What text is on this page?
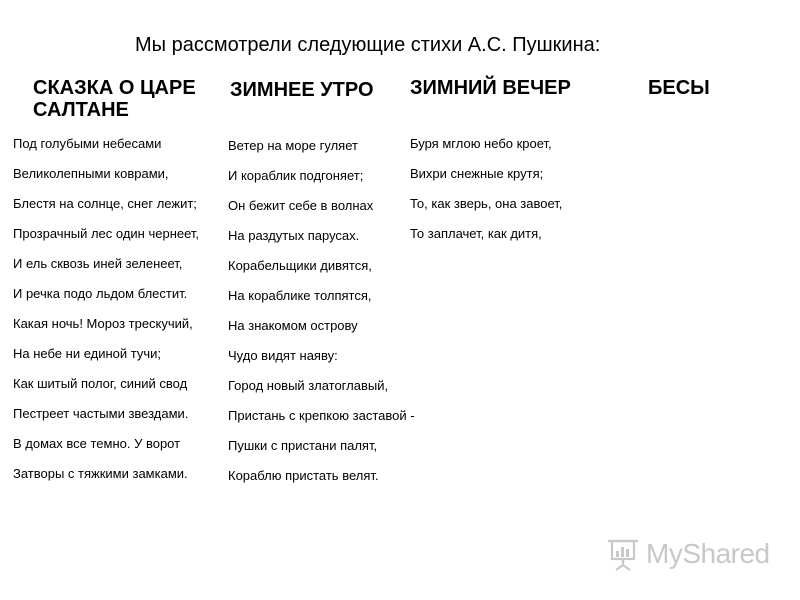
Мы рассмотрели следующие стихи А.С. Пушкина:
СКАЗКА О ЦАРЕ
САЛТАНЕ
ЗИМНЕЕ УТРО ЗИМНИЙ ВЕЧЕР	БЕСЫ
Под голубыми небесами
Великолепными коврами,
Блестя на солнце, снег лежит;
Прозрачный лес один чернеет,
И ель сквозь иней зеленеет,
И речка подо льдом блестит.
Какая ночь! Мороз трескучий,
На небе ни единой тучи;
Как шитый полог, синий свод
Пестреет частыми звездами.
В домах все темно. У ворот
Затворы с тяжкими замками.
Ветер на море гуляет
И кораблик подгоняет;
Он бежит себе в волнах
На раздутых парусах.
Корабельщики дивятся,
На кораблике толпятся,
На знакомом острову
Чудо видят наяву:
Город новый златоглавый,
Пристань с крепкою заставой -
Пушки с пристани палят,
Кораблю пристать велят.
Буря мглою небо кроет,
Вихри снежные крутя;
То, как зверь, она завоет,
То заплачет, как дитя,
MyShared
